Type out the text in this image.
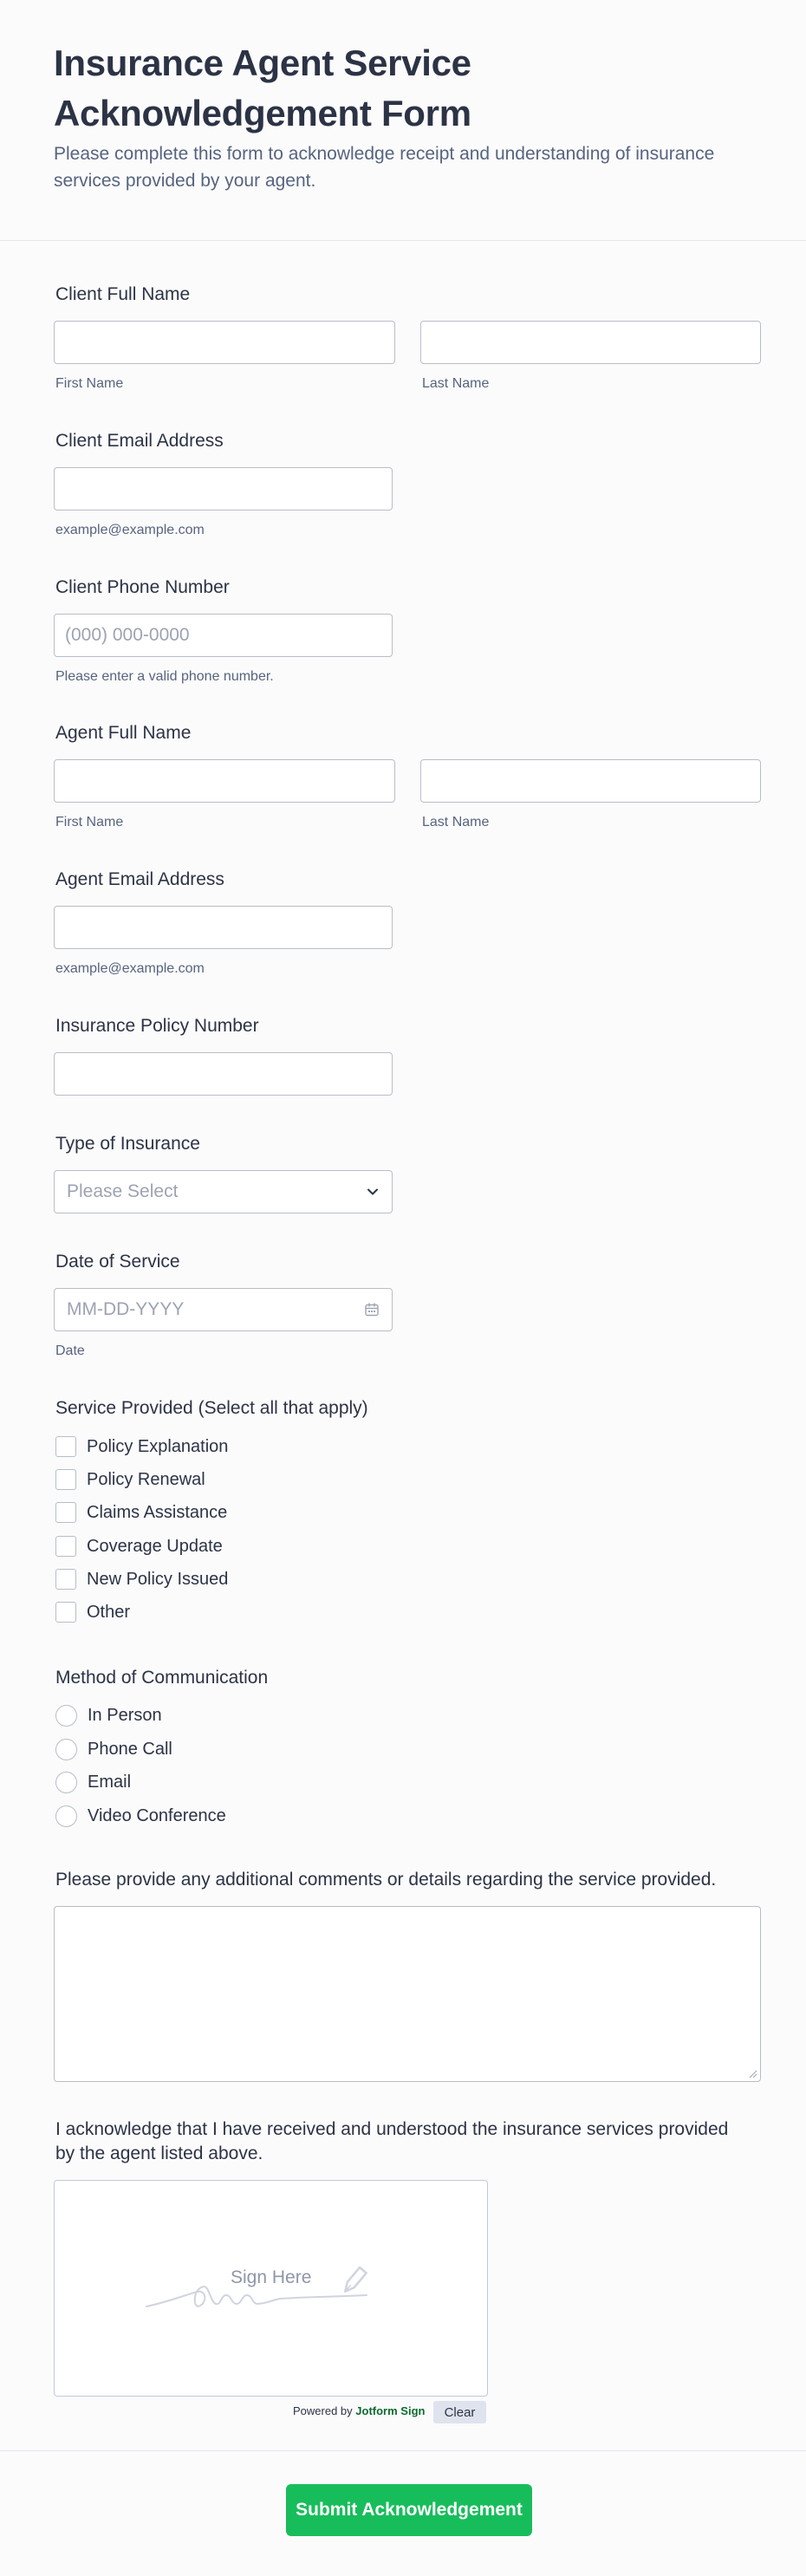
Insurance Agent Service
Acknowledgement Form
Please complete this form to acknowledge receipt and understanding of insurance services provided by your agent.
Client Full Name
First Name	Last Name
Client Email Address
example@example.com
Client Phone Number
(000) 000-0000
Please enter a valid phone number.
Agent Full Name
First Name	Last Name
Agent Email Address
example@example.com
Insurance Policy Number
Type of Insurance
Please Select
Date of Service
MM-DD-YYYY
Date
Service Provided (Select all that apply)
Policy Explanation
Policy Renewal
Claims Assistance
Coverage Update
New Policy Issued
Other
Method of Communication
In Person
Phone Call
Email
Video Conference
Please provide any additional comments or details regarding the service provided.
I acknowledge that I have received and understood the insurance services provided
by the agent listed above.
Sign Here
Powered by Jotform Sign	Clear
Submit Acknowledgement
